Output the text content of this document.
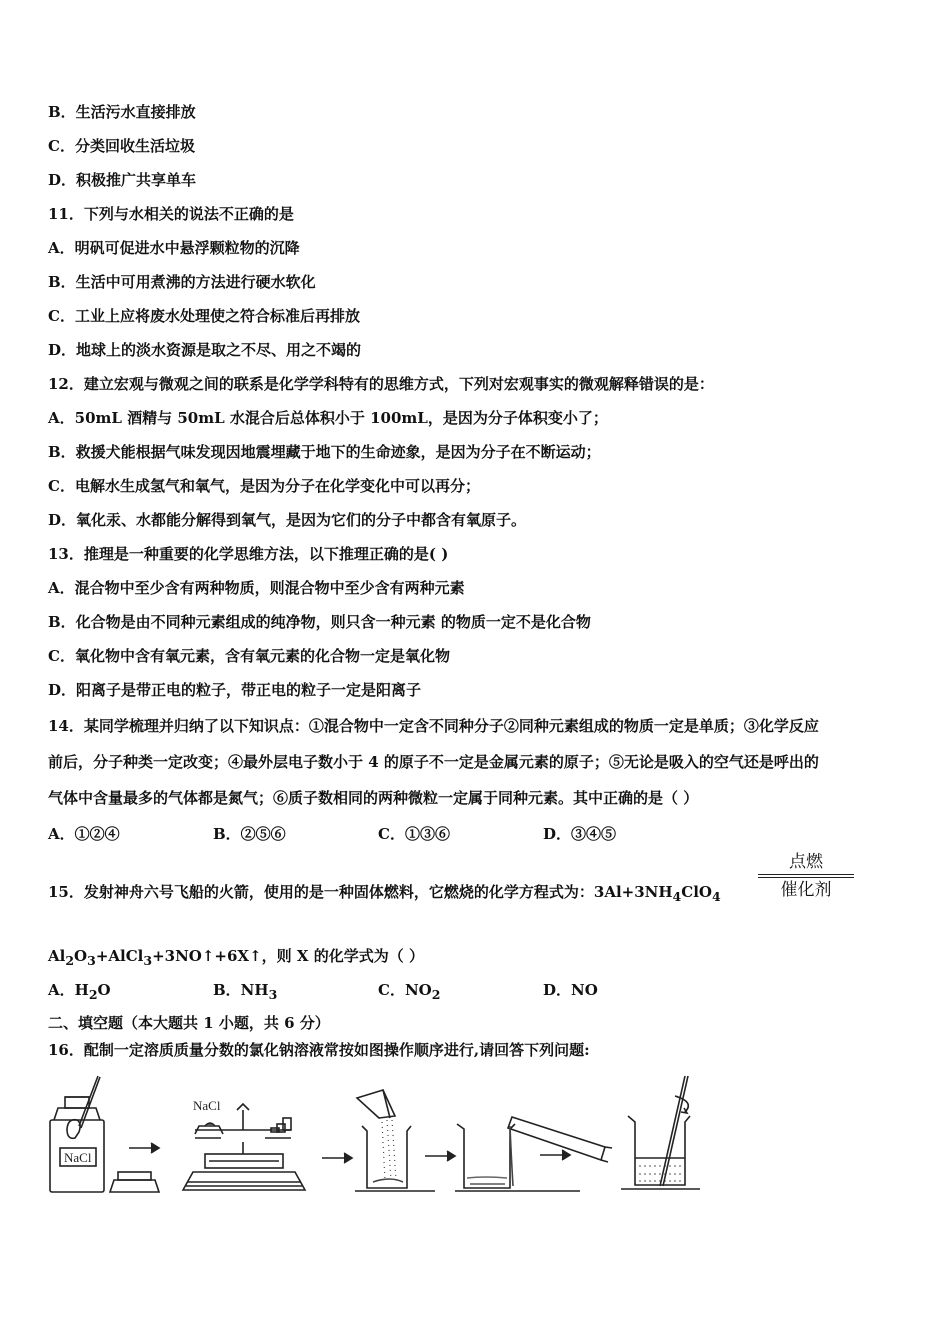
B．生活污水直接排放
C．分类回收生活垃圾
D．积极推广共享单车
11．下列与水相关的说法不正确的是
A．明矾可促进水中悬浮颗粒物的沉降
B．生活中可用煮沸的方法进行硬水软化
C．工业上应将废水处理使之符合标准后再排放
D．地球上的淡水资源是取之不尽、用之不竭的
12．建立宏观与微观之间的联系是化学学科特有的思维方式，下列对宏观事实的微观解释错误的是：
A．50mL 酒精与 50mL 水混合后总体积小于 100mL，是因为分子体积变小了；
B．救援犬能根据气味发现因地震埋藏于地下的生命迹象，是因为分子在不断运动；
C．电解水生成氢气和氧气，是因为分子在化学变化中可以再分；
D．氧化汞、水都能分解得到氧气，是因为它们的分子中都含有氧原子。
13．推理是一种重要的化学思维方法，以下推理正确的是( )
A．混合物中至少含有两种物质，则混合物中至少含有两种元素
B．化合物是由不同种元素组成的纯净物，则只含一种元素 的物质一定不是化合物
C．氧化物中含有氧元素，含有氧元素的化合物一定是氧化物
D．阳离子是带正电的粒子，带正电的粒子一定是阳离子
14．某同学梳理并归纳了以下知识点：①混合物中一定含不同种分子②同种元素组成的物质一定是单质；③化学反应
前后，分子种类一定改变；④最外层电子数小于 4 的原子不一定是金属元素的原子；⑤无论是吸入的空气还是呼出的
气体中含量最多的气体都是氮气；⑥质子数相同的两种微粒一定属于同种元素。其中正确的是（ ）
A．①②④	B．②⑤⑥	C．①③⑥	D．③④⑤
15．发射神舟六号飞船的火箭，使用的是一种固体燃料，它燃烧的化学方程式为：$3Al+3NH_4ClO_4$
点燃
催化剂
$Al_2O_3+AlCl_3+3NO↑+6X↑$，则 X 的化学式为（ ）
A．$H_2O$	B．$NH_3$	C．$NO_2$	D．NO
二、填空题（本大题共 1 小题，共 6 分）
16．配制一定溶质质量分数的氯化钠溶液常按如图操作顺序进行,请回答下列问题:
NaCl
NaCl
